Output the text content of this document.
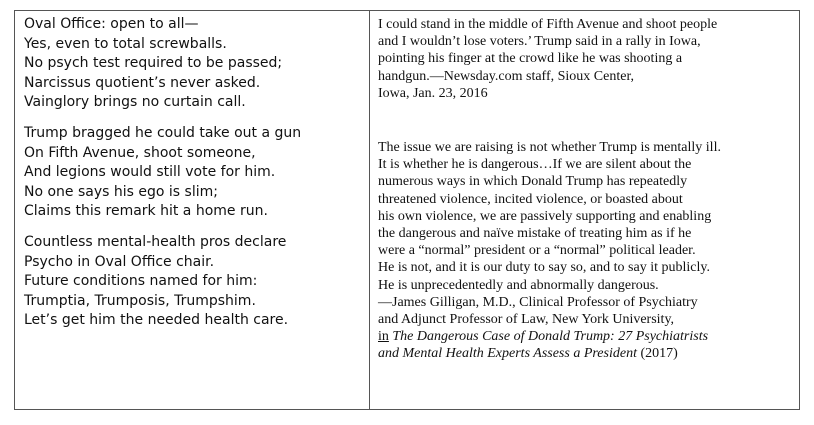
Oval Office: open to all—
Yes, even to total screwballs.
No psych test required to be passed;
Narcissus quotient’s never asked.
Vainglory brings no curtain call.
Trump bragged he could take out a gun
On Fifth Avenue, shoot someone,
And legions would still vote for him.
No one says his ego is slim;
Claims this remark hit a home run.
Countless mental-health pros declare
Psycho in Oval Office chair.
Future conditions named for him:
Trumptia, Trumposis, Trumpshim.
Let’s get him the needed health care.
I could stand in the middle of Fifth Avenue and shoot people
and I wouldn’t lose voters.’ Trump said in a rally in Iowa,
pointing his finger at the crowd like he was shooting a
handgun.—Newsday.com staff, Sioux Center,
Iowa, Jan. 23, 2016
The issue we are raising is not whether Trump is mentally ill.
It is whether he is dangerous…If we are silent about the
numerous ways in which Donald Trump has repeatedly
threatened violence, incited violence, or boasted about
his own violence, we are passively supporting and enabling
the dangerous and naïve mistake of treating him as if he
were a “normal” president or a “normal” political leader.
He is not, and it is our duty to say so, and to say it publicly.
He is unprecedentedly and abnormally dangerous.
—James Gilligan, M.D., Clinical Professor of Psychiatry
and Adjunct Professor of Law, New York University,
in The Dangerous Case of Donald Trump: 27 Psychiatrists
and Mental Health Experts Assess a President (2017)
